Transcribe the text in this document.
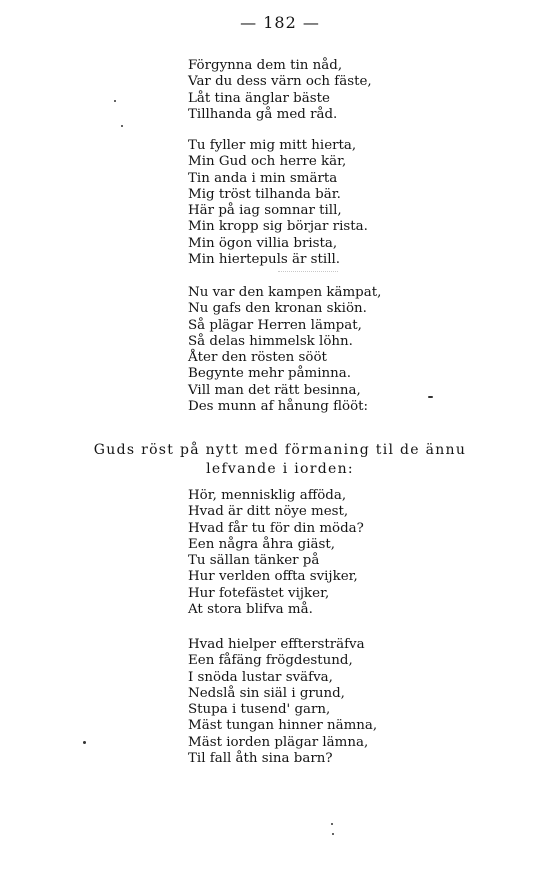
— 182 —
Förgynna dem tin nåd,
Var du dess värn och fäste,
Låt tina änglar bäste
Tillhanda gå med råd.
Tu fyller mig mitt hierta,
Min Gud och herre kär,
Tin anda i min smärta
Mig tröst tilhanda bär.
Här på iag somnar till,
Min kropp sig börjar rista.
Min ögon villia brista,
Min hiertepuls är still.
Nu var den kampen kämpat,
Nu gafs den kronan skiön.
Så plägar Herren lämpat,
Så delas himmelsk löhn.
Åter den rösten sööt
Begynte mehr påminna.
Vill man det rätt besinna,
Des munn af hånung flööt:
Guds röst på nytt med förmaning til de ännu
lefvande i iorden:
Hör, mennisklig afföda,
Hvad är ditt nöye mest,
Hvad får tu för din möda?
Een några åhra giäst,
Tu sällan tänker på
Hur verlden offta svijker,
Hur fotefästet vijker,
At stora blifva må.
Hvad hielper efftersträfva
Een fåfäng frögdestund,
I snöda lustar sväfva,
Nedslå sin siäl i grund,
Stupa i tusend' garn,
Mäst tungan hinner nämna,
Mäst iorden plägar lämna,
Til fall åth sina barn?
